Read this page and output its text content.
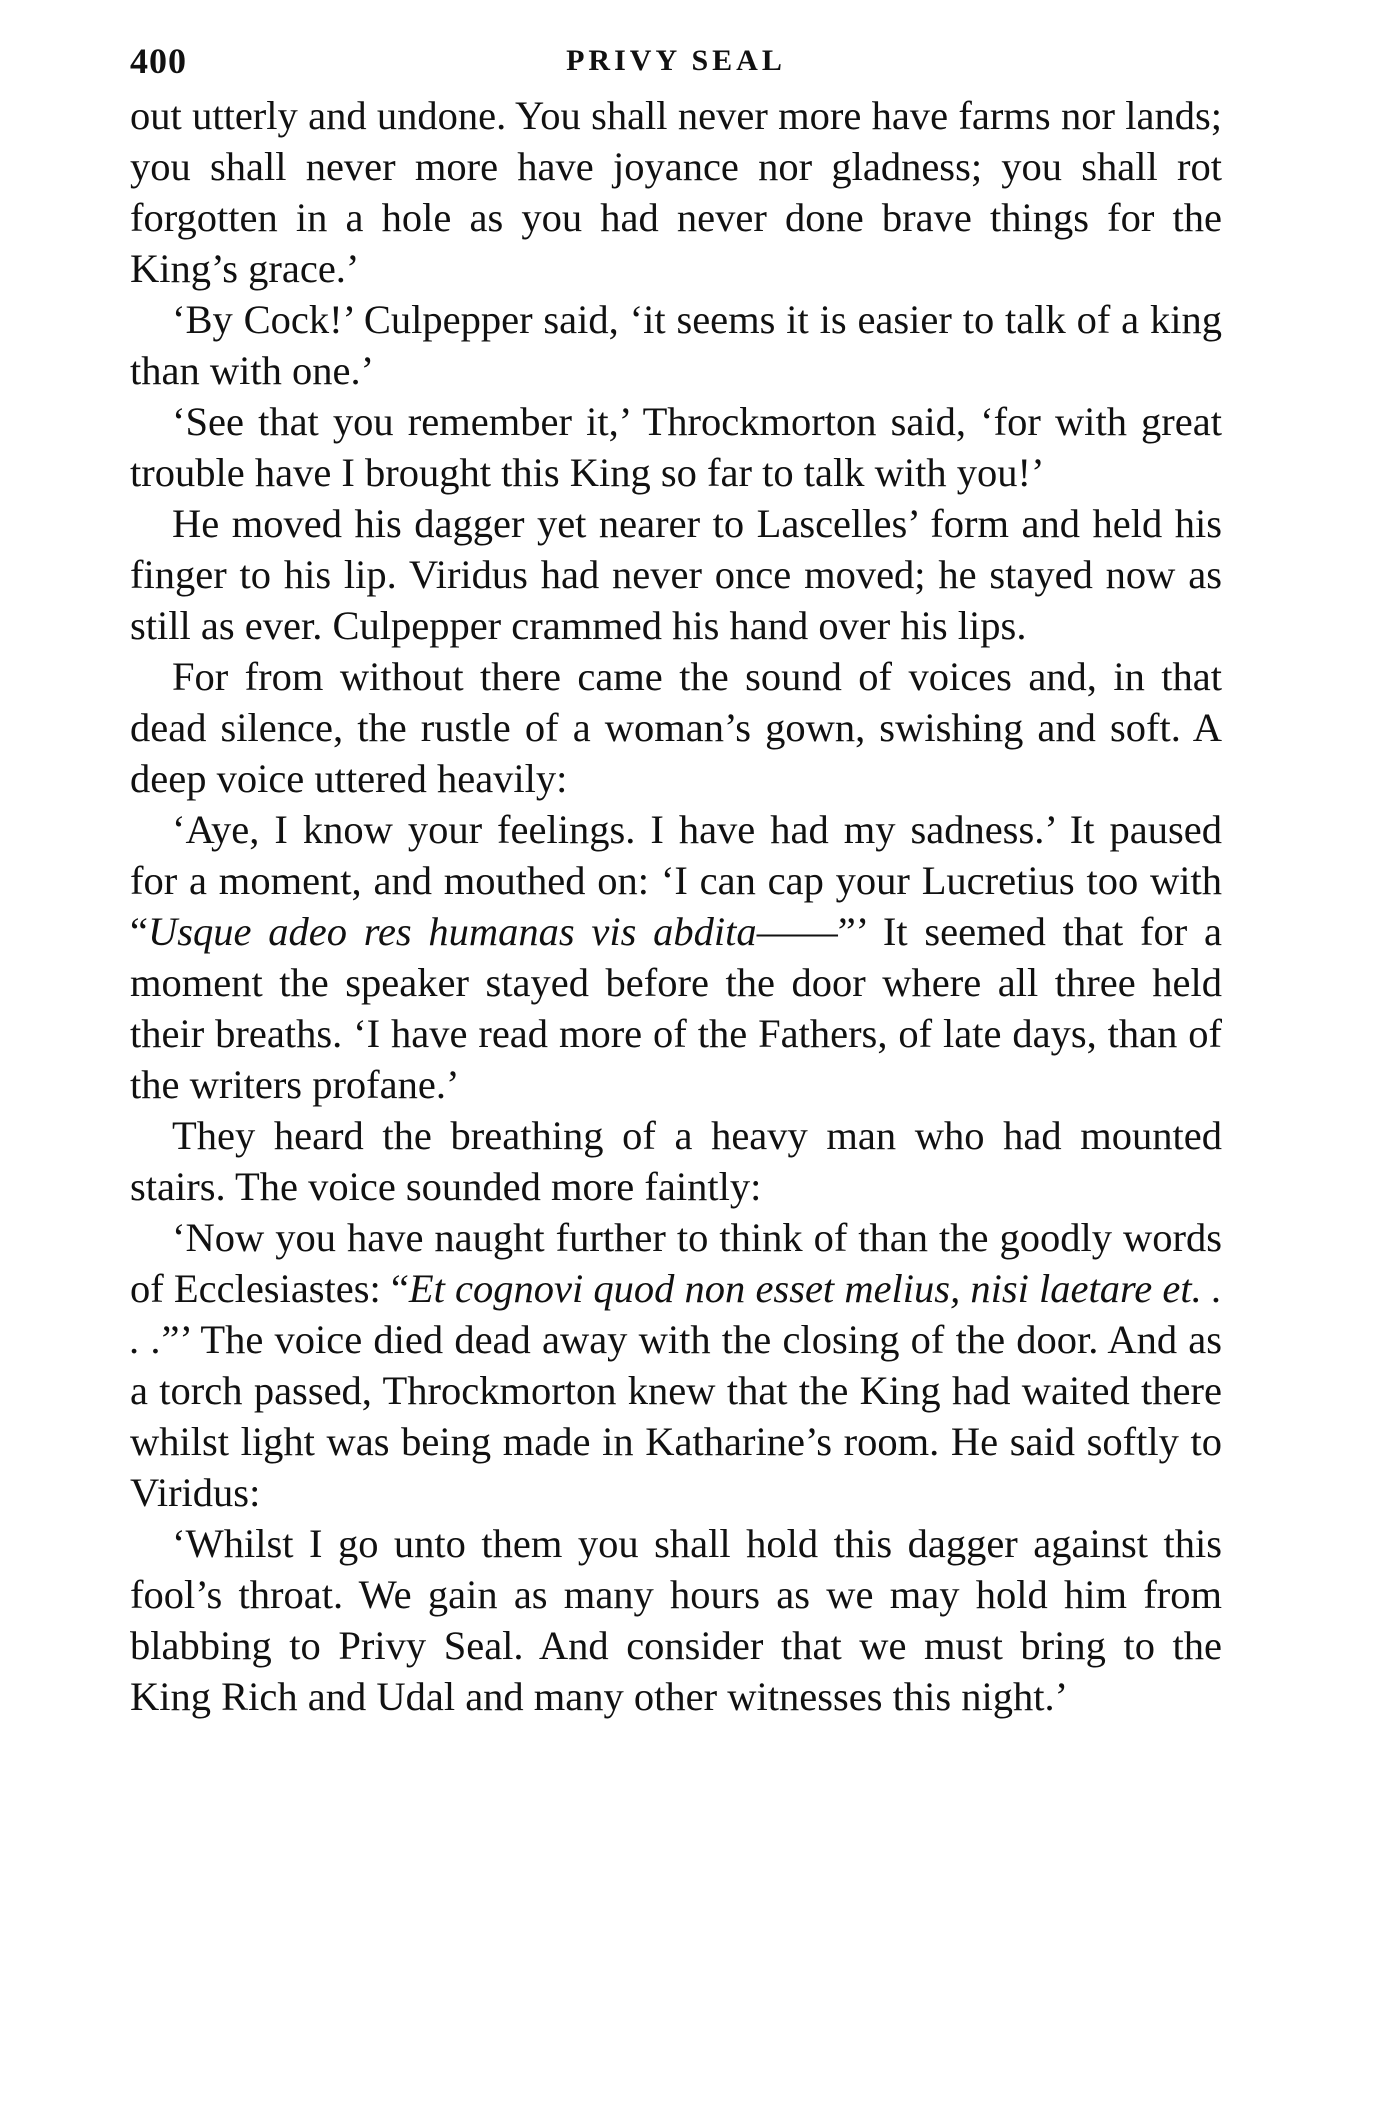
400	PRIVY SEAL

out utterly and undone. You shall never more have farms nor lands; you shall never more have joyance nor gladness; you shall rot forgotten in a hole as you had never done brave things for the King’s grace.’

‘By Cock!’ Culpepper said, ‘it seems it is easier to talk of a king than with one.’

‘See that you remember it,’ Throckmorton said, ‘for with great trouble have I brought this King so far to talk with you!’

He moved his dagger yet nearer to Lascelles’ form and held his finger to his lip. Viridus had never once moved; he stayed now as still as ever. Culpepper crammed his hand over his lips.

For from without there came the sound of voices and, in that dead silence, the rustle of a woman’s gown, swishing and soft. A deep voice uttered heavily:

‘Aye, I know your feelings. I have had my sadness.’ It paused for a moment, and mouthed on: ‘I can cap your Lucretius too with “Usque adeo res humanas vis abdita——”’ It seemed that for a moment the speaker stayed before the door where all three held their breaths. ‘I have read more of the Fathers, of late days, than of the writers profane.’

They heard the breathing of a heavy man who had mounted stairs. The voice sounded more faintly:

‘Now you have naught further to think of than the goodly words of Ecclesiastes: “Et cognovi quod non esset melius, nisi laetare et. . . .”’ The voice died dead away with the closing of the door. And as a torch passed, Throckmorton knew that the King had waited there whilst light was being made in Katharine’s room. He said softly to Viridus:

‘Whilst I go unto them you shall hold this dagger against this fool’s throat. We gain as many hours as we may hold him from blabbing to Privy Seal. And consider that we must bring to the King Rich and Udal and many other witnesses this night.’
